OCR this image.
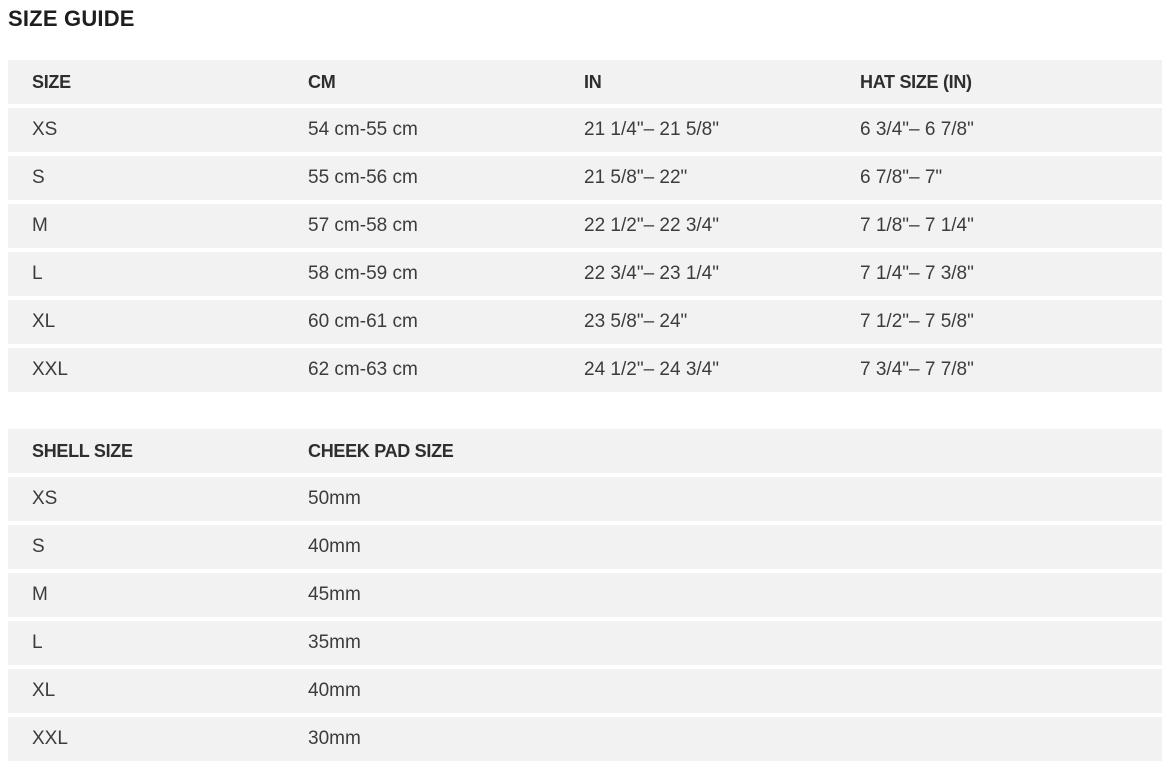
SIZE GUIDE
SIZE	CM	IN	HAT SIZE (IN)
XS	54 cm-55 cm	21 1/4"– 21 5/8"	6 3/4"– 6 7/8"
S	55 cm-56 cm	21 5/8"– 22"	6 7/8"– 7"
M	57 cm-58 cm	22 1/2"– 22 3/4"	7 1/8"– 7 1/4"
L	58 cm-59 cm	22 3/4"– 23 1/4"	7 1/4"– 7 3/8"
XL	60 cm-61 cm	23 5/8"– 24"	7 1/2"– 7 5/8"
XXL	62 cm-63 cm	24 1/2"– 24 3/4"	7 3/4"– 7 7/8"
SHELL SIZE	CHEEK PAD SIZE		
XS	50mm		
S	40mm		
M	45mm		
L	35mm		
XL	40mm		
XXL	30mm		
